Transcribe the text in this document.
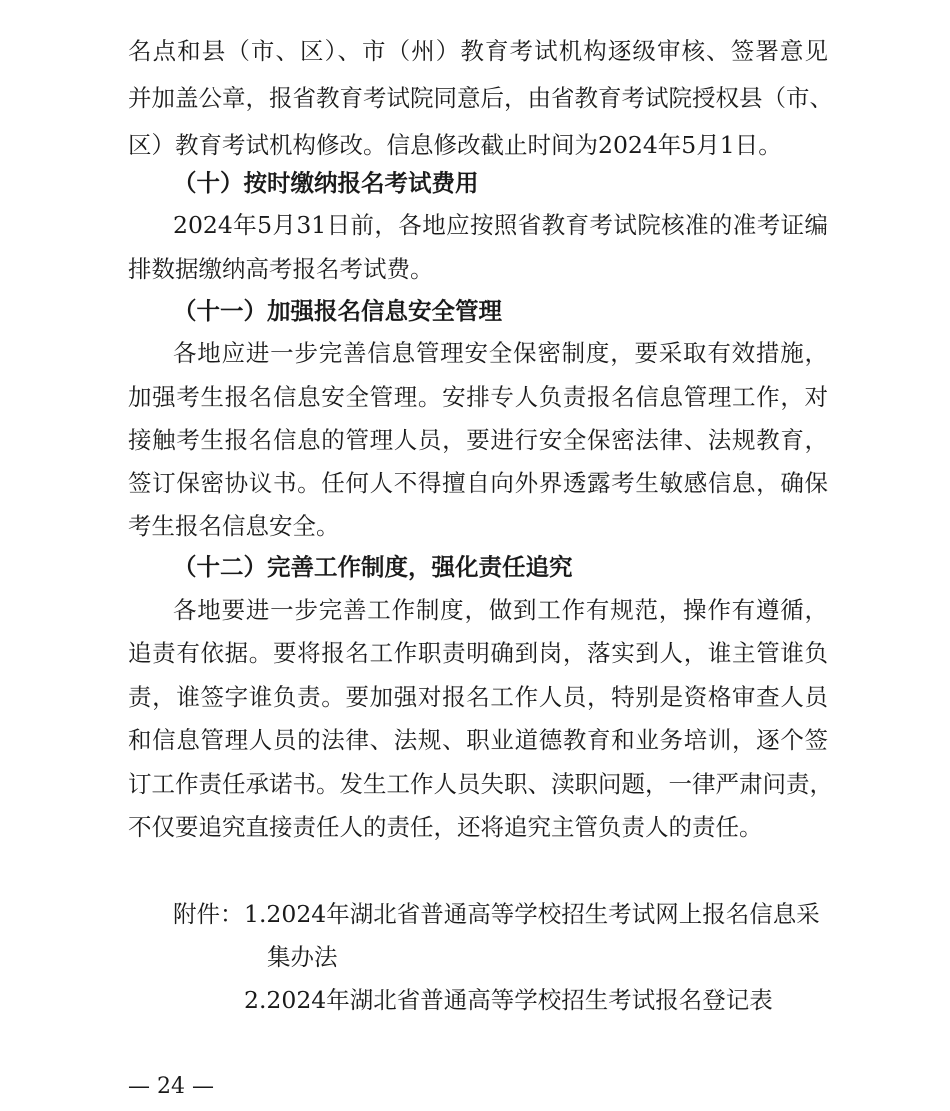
名点和县（市、区）、市（州）教育考试机构逐级审核、签署意见
并加盖公章，报省教育考试院同意后，由省教育考试院授权县（市、
区）教育考试机构修改。信息修改截止时间为2024年5月1日。
（十）按时缴纳报名考试费用
2024年5月31日前，各地应按照省教育考试院核准的准考证编
排数据缴纳高考报名考试费。
（十一）加强报名信息安全管理
各地应进一步完善信息管理安全保密制度，要采取有效措施，
加强考生报名信息安全管理。安排专人负责报名信息管理工作，对
接触考生报名信息的管理人员，要进行安全保密法律、法规教育，
签订保密协议书。任何人不得擅自向外界透露考生敏感信息，确保
考生报名信息安全。
（十二）完善工作制度，强化责任追究
各地要进一步完善工作制度，做到工作有规范，操作有遵循，
追责有依据。要将报名工作职责明确到岗，落实到人，谁主管谁负
责，谁签字谁负责。要加强对报名工作人员，特别是资格审查人员
和信息管理人员的法律、法规、职业道德教育和业务培训，逐个签
订工作责任承诺书。发生工作人员失职、渎职问题，一律严肃问责，
不仅要追究直接责任人的责任，还将追究主管负责人的责任。
附件： 1.2024年湖北省普通高等学校招生考试网上报名信息采
集办法
2.2024年湖北省普通高等学校招生考试报名登记表
— 24 —
